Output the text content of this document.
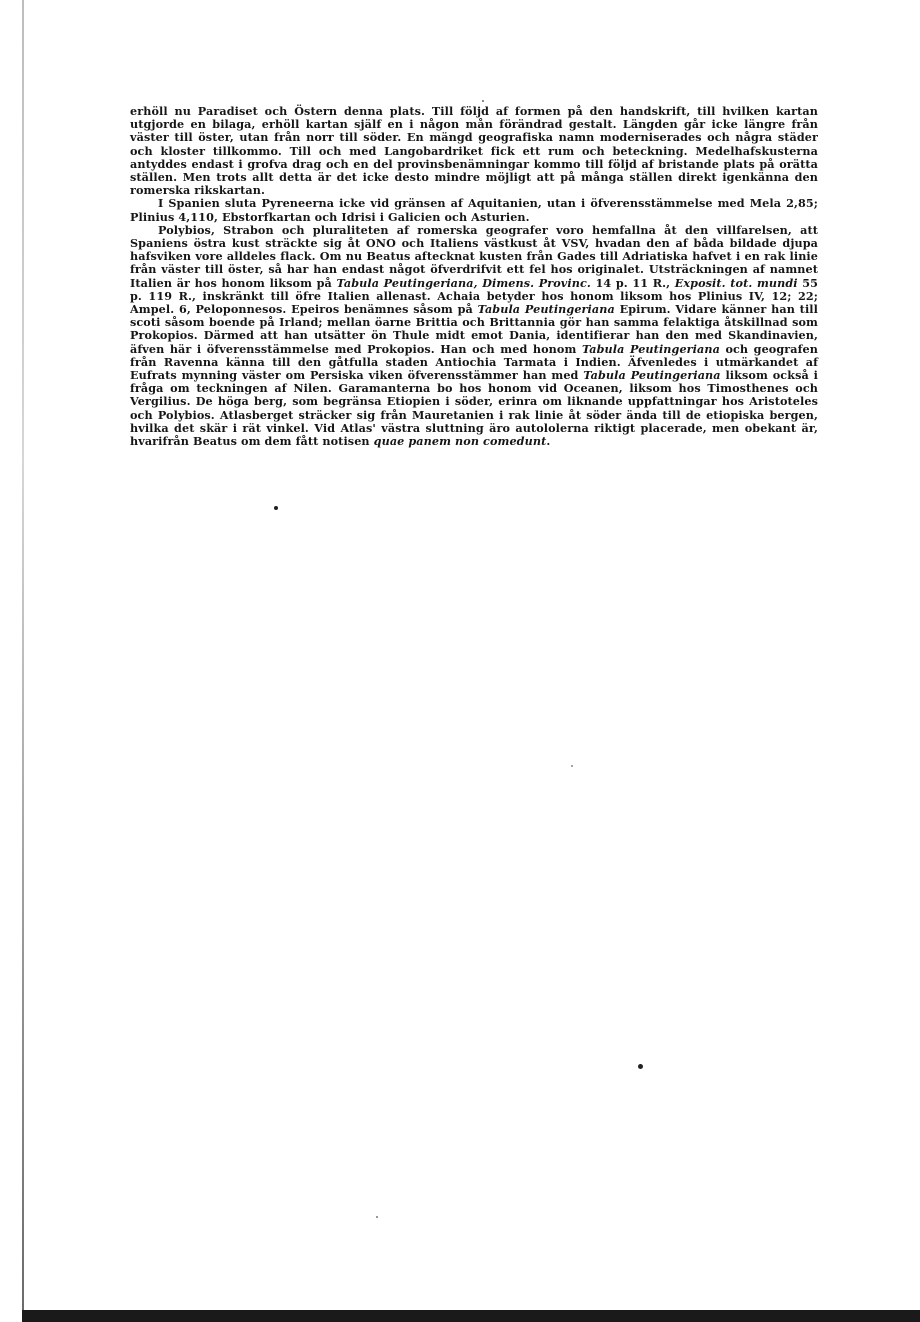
erhöll nu Paradiset och Östern denna plats. Till följd af formen på den handskrift, till hvilken kartan utgjorde en bilaga, erhöll kartan själf en i någon mån förändrad gestalt. Längden går icke längre från väster till öster, utan från norr till söder. En mängd geografiska namn moderniserades och några städer och kloster tillkommo. Till och med Langobardriket fick ett rum och beteckning. Medelhafskusterna antyddes endast i grofva drag och en del provinsbenämningar kommo till följd af bristande plats på orätta ställen. Men trots allt detta är det icke desto mindre möjligt att på många ställen direkt igenkänna den romerska rikskartan.

I Spanien sluta Pyreneerna icke vid gränsen af Aquitanien, utan i öfverensstämmelse med Mela 2,85; Plinius 4,110, Ebstorfkartan och Idrisi i Galicien och Asturien.

Polybios, Strabon och pluraliteten af romerska geografer voro hemfallna åt den villfarelsen, att Spaniens östra kust sträckte sig åt ONO och Italiens västkust åt VSV, hvadan den af båda bildade djupa hafsviken vore alldeles flack. Om nu Beatus aftecknat kusten från Gades till Adriatiska hafvet i en rak linie från väster till öster, så har han endast något öfverdrifvit ett fel hos originalet. Utsträckningen af namnet Italien är hos honom liksom på Tabula Peutingeriana, Dimens. Provinc. 14 p. 11 R., Exposit. tot. mundi 55 p. 119 R., inskränkt till öfre Italien allenast. Achaia betyder hos honom liksom hos Plinius IV, 12; 22; Ampel. 6, Peloponnesos. Epeiros benämnes såsom på Tabula Peutingeriana Epirum. Vidare känner han till scoti såsom boende på Irland; mellan öarne Brittia och Brittannia gör han samma felaktiga åtskillnad som Prokopios. Därmed att han utsätter ön Thule midt emot Dania, identifierar han den med Skandinavien, äfven här i öfverensstämmelse med Prokopios. Han och med honom Tabula Peutingeriana och geografen från Ravenna känna till den gåtfulla staden Antiochia Tarmata i Indien. Äfvenledes i utmärkandet af Eufrats mynning väster om Persiska viken öfverensstämmer han med Tabula Peutingeriana liksom också i fråga om teckningen af Nilen. Garamanterna bo hos honom vid Oceanen, liksom hos Timosthenes och Vergilius. De höga berg, som begränsa Etiopien i söder, erinra om liknande uppfattningar hos Aristoteles och Polybios. Atlasberget sträcker sig från Mauretanien i rak linie åt söder ända till de etiopiska bergen, hvilka det skär i rät vinkel. Vid Atlas' västra sluttning äro autololerna riktigt placerade, men obekant är, hvarifrån Beatus om dem fått notisen quae panem non comedunt.
